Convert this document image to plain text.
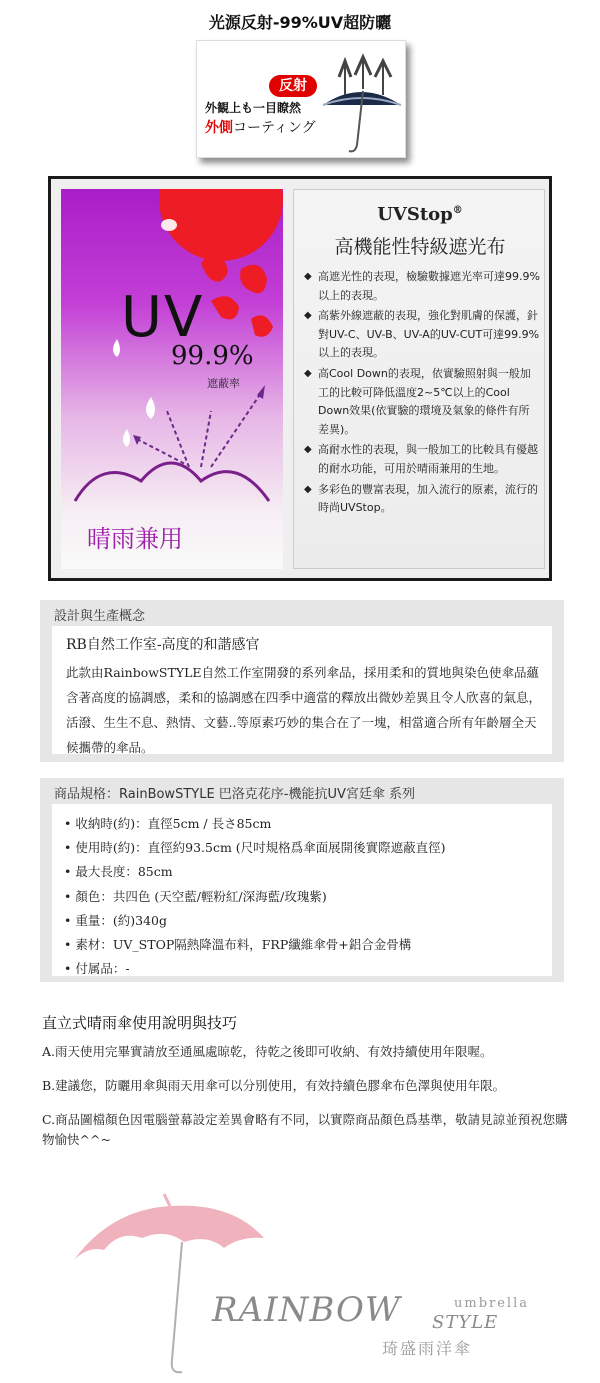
光源反射-99%UV超防曬
反射
外観上も一目瞭然
外側コーティング
UV
99.9%
遮蔽率
晴雨兼用
UVStop®
高機能性特級遮光布
◆ 高遮光性的表現，檢驗數據遮光率可達99.9%以上的表現。
◆ 高紫外線遮蔽的表現，強化對肌膚的保護，針對UV-C、UV-B、UV-A的UV-CUT可達99.9%以上的表現。
◆ 高Cool Down的表現，依實驗照射與一般加工的比較可降低溫度2~5℃以上的Cool Down效果(依實驗的環境及氣象的條件有所差異)。
◆ 高耐水性的表現，與一般加工的比較具有優越的耐水功能，可用於晴雨兼用的生地。
◆ 多彩色的豐富表現，加入流行的原素，流行的時尚UVStop。
設計與生產概念
RB自然工作室-高度的和諧感官
此款由RainbowSTYLE自然工作室開發的系列傘品，採用柔和的質地與染色使傘品蘊含著高度的協調感，柔和的協調感在四季中適當的釋放出微妙差異且令人欣喜的氣息，活潑、生生不息、熱情、文藝..等原素巧妙的集合在了一塊，相當適合所有年齡層全天候攜帶的傘品。
商品規格：RainBowSTYLE 巴洛克花序-機能抗UV宮廷傘 系列
• 收納時(約)：直徑5cm / 長さ85cm
• 使用時(約)：直徑約93.5cm (尺吋規格爲傘面展開後實際遮蔽直徑)
• 最大長度：85cm
• 顏色：共四色 (天空藍/輕粉紅/深海藍/玫瑰紫)
• 重量：(約)340g
• 素材：UV_STOP隔熱降溫布料，FRP纖維傘骨+鋁合金骨構
• 付属品：-
直立式晴雨傘使用說明與技巧

A.雨天使用完畢實請放至通風處晾乾，待乾之後即可收納、有效持續使用年限喔。

B.建議您，防曬用傘與雨天用傘可以分別使用，有效持續色膠傘布色澤與使用年限。

C.商品圖檔顏色因電腦螢幕設定差異會略有不同，以實際商品顏色爲基準，敬請見諒並預祝您購物愉快^^~

RAINBOW	umbrella
STYLE
琦盛雨洋傘
